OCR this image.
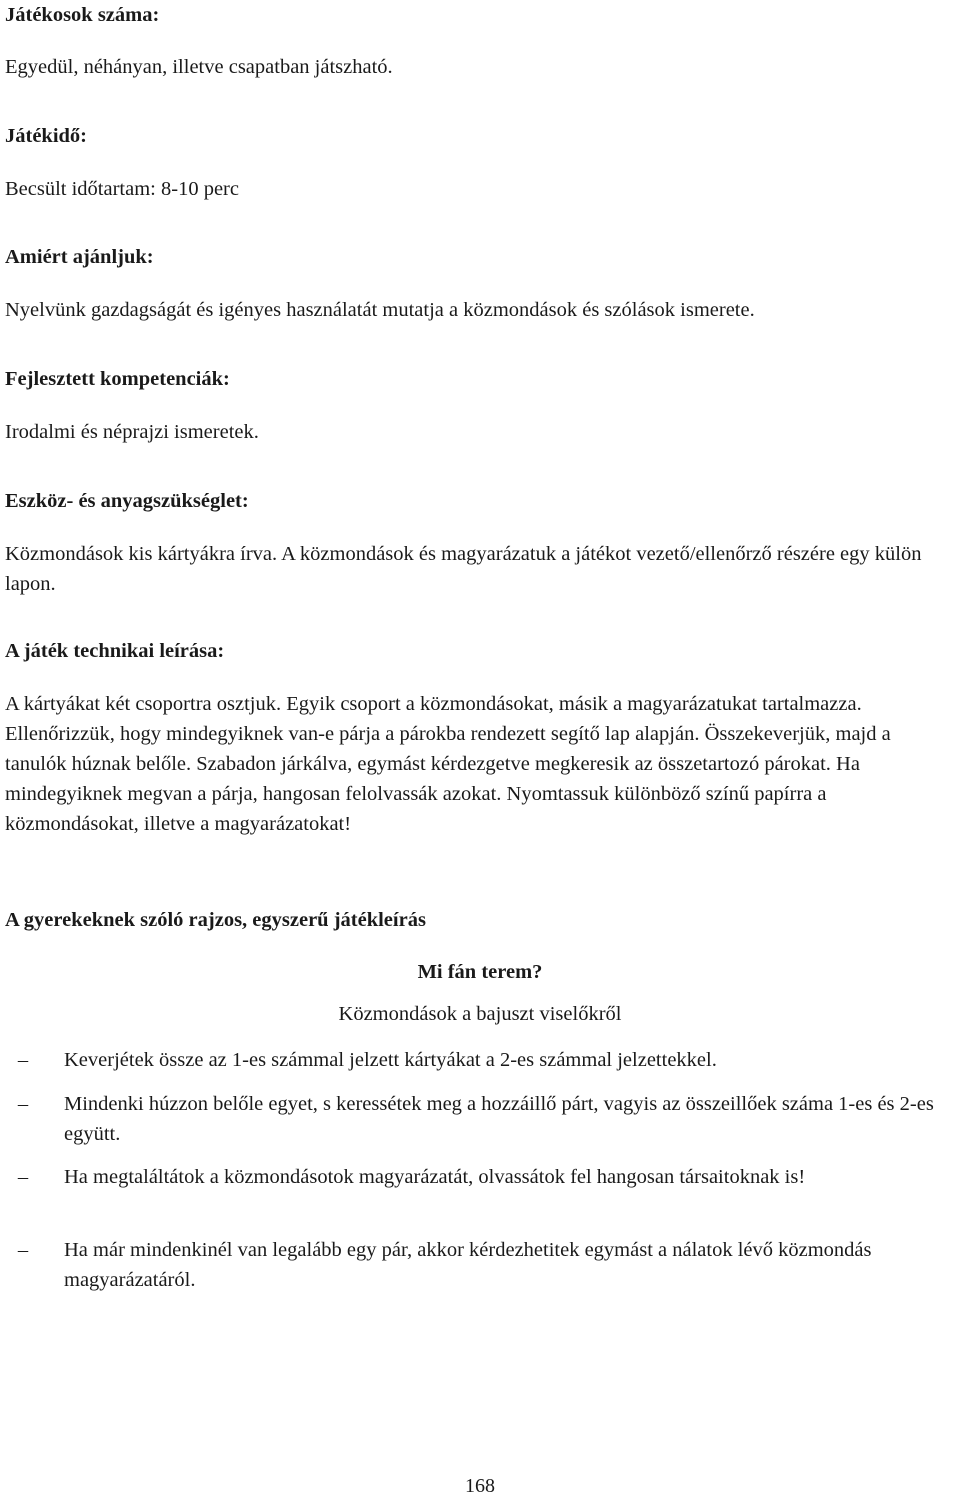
Játékosok száma:

Egyedül, néhányan, illetve csapatban játszható.

Játékidő:

Becsült időtartam: 8-10 perc

Amiért ajánljuk:

Nyelvünk gazdagságát és igényes használatát mutatja a közmondások és szólások ismerete.

Fejlesztett kompetenciák:

Irodalmi és néprajzi ismeretek.

Eszköz- és anyagszükséglet:

Közmondások kis kártyákra írva. A közmondások és magyarázatuk a játékot vezető/ellenőrző részére egy külön lapon.

A játék technikai leírása:

A kártyákat két csoportra osztjuk. Egyik csoport a közmondásokat, másik a magyarázatukat tartalmazza. Ellenőrizzük, hogy mindegyiknek van-e párja a párokba rendezett segítő lap alapján. Összekeverjük, majd a tanulók húznak belőle. Szabadon járkálva, egymást kérdezgetve megkeresik az összetartozó párokat. Ha mindegyiknek megvan a párja, hangosan felolvassák azokat. Nyomtassuk különböző színű papírra a közmondásokat, illetve a magyarázatokat!

A gyerekeknek szóló rajzos, egyszerű játékleírás

Mi fán terem?

Közmondások a bajuszt viselőkről

–	Keverjétek össze az 1-es számmal jelzett kártyákat a 2-es számmal jelzettekkel.
–	Mindenki húzzon belőle egyet, s keressétek meg a hozzáillő párt, vagyis az összeillőek száma 1-es és 2-es együtt.
–	Ha megtaláltátok a közmondásotok magyarázatát, olvassátok fel hangosan társaitoknak is!
–	Ha már mindenkinél van legalább egy pár, akkor kérdezhetitek egymást a nálatok lévő közmondás magyarázatáról.
168
